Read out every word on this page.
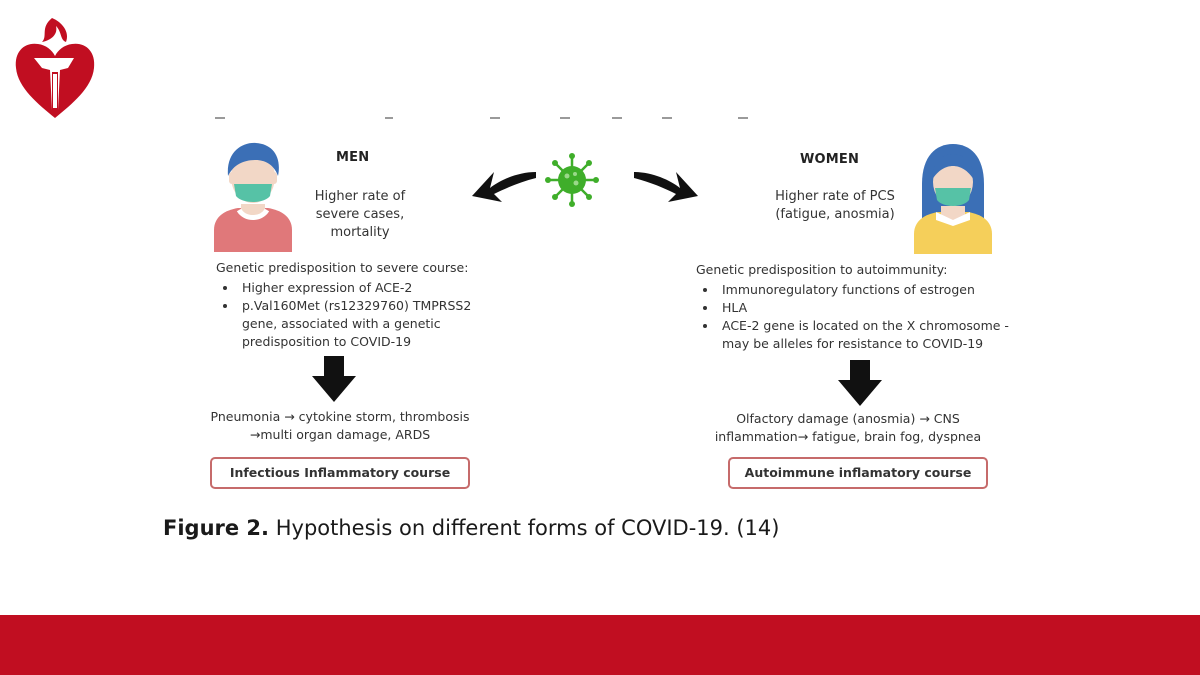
MEN
Higher rate of
severe cases,
mortality
WOMEN
Higher rate of PCS
(fatigue, anosmia)
Genetic predisposition to severe course:
• Higher expression of ACE-2
• p.Val160Met (rs12329760) TMPRSS2 gene, associated with a genetic predisposition to COVID-19
Genetic predisposition to autoimmunity:
• Immunoregulatory functions of estrogen
• HLA
• ACE-2 gene is located on the X chromosome - may be alleles for resistance to COVID-19
Pneumonia → cytokine storm, thrombosis
→multi organ damage, ARDS
Olfactory damage (anosmia) → CNS
inflammation→ fatigue, brain fog, dyspnea
Infectious Inflammatory course	Autoimmune inflamatory course
Figure 2. Hypothesis on different forms of COVID-19. (14)
